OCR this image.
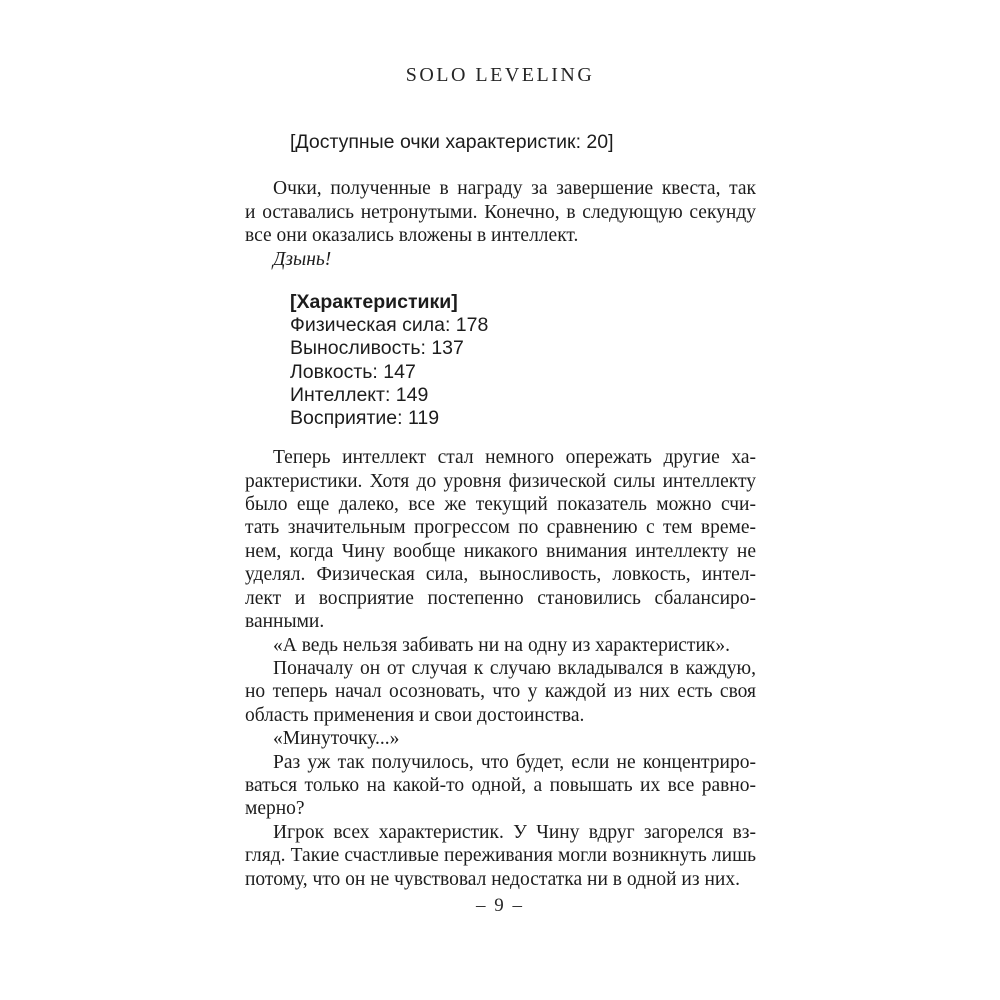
SOLO LEVELING
[Доступные очки характеристик: 20]
Очки, полученные в награду за завершение квеста, так
и оставались нетронутыми. Конечно, в следующую секунду
все они оказались вложены в интеллект.
Дзынь!
[Характеристики]
Физическая сила: 178
Выносливость: 137
Ловкость: 147
Интеллект: 149
Восприятие: 119
Теперь интеллект стал немного опережать другие ха-
рактеристики. Хотя до уровня физической силы интеллекту
было еще далеко, все же текущий показатель можно счи-
тать значительным прогрессом по сравнению с тем време-
нем, когда Чину вообще никакого внимания интеллекту не
уделял. Физическая сила, выносливость, ловкость, интел-
лект и восприятие постепенно становились сбалансиро-
ванными.
«А ведь нельзя забивать ни на одну из характеристик».
Поначалу он от случая к случаю вкладывался в каждую,
но теперь начал осозновать, что у каждой из них есть своя
область применения и свои достоинства.
«Минуточку...»
Раз уж так получилось, что будет, если не концентриро-
ваться только на какой-то одной, а повышать их все равно-
мерно?
Игрок всех характеристик. У Чину вдруг загорелся вз-
гляд. Такие счастливые переживания могли возникнуть лишь
потому, что он не чувствовал недостатка ни в одной из них.
– 9 –
